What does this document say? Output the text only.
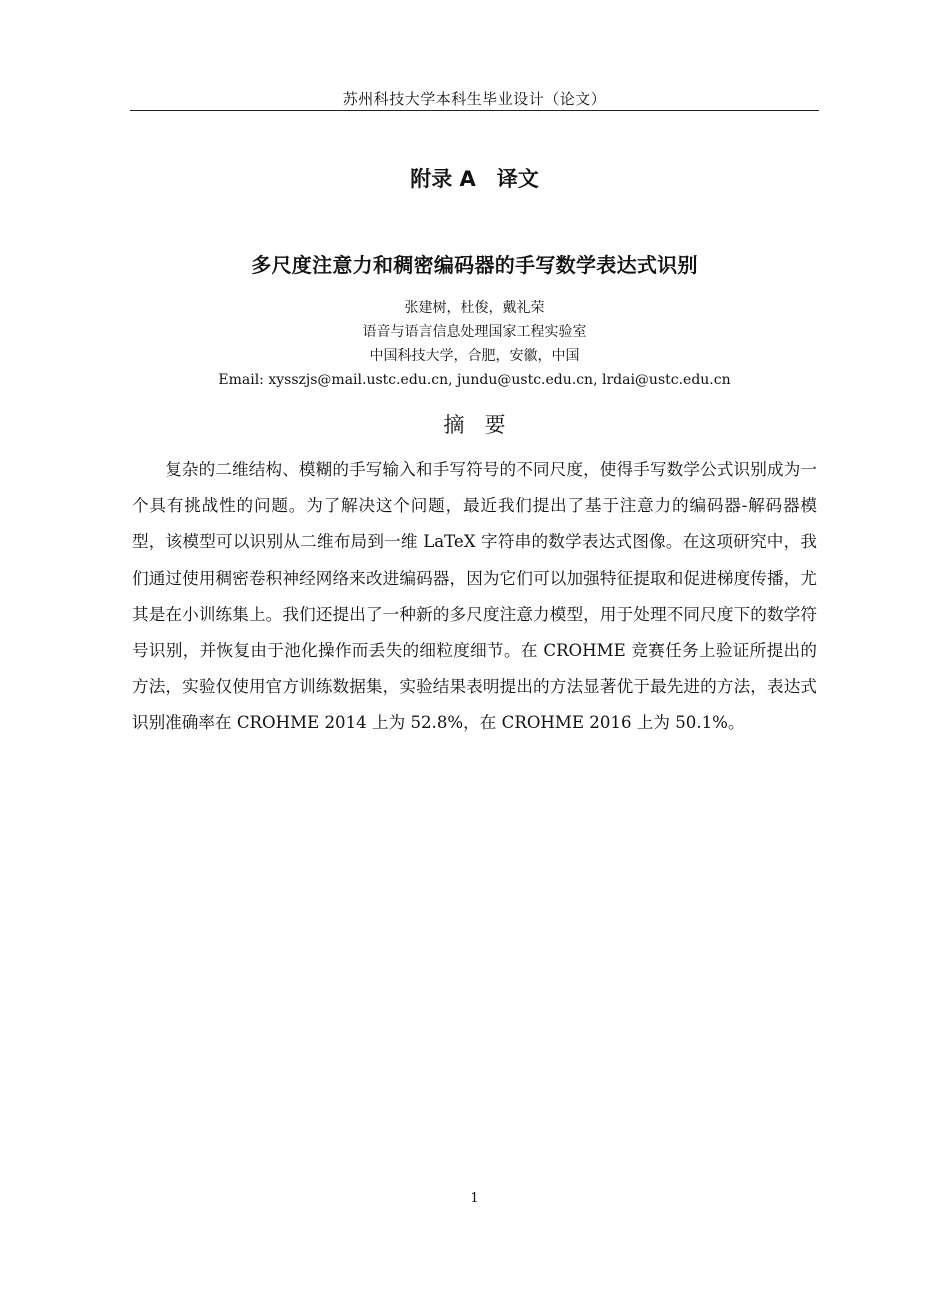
苏州科技大学本科生毕业设计（论文）
附录 A　译文
多尺度注意力和稠密编码器的手写数学表达式识别
张建树，杜俊，戴礼荣
语音与语言信息处理国家工程实验室
中国科技大学，合肥，安徽，中国
Email: xysszjs@mail.ustc.edu.cn, jundu@ustc.edu.cn, lrdai@ustc.edu.cn
摘要
复杂的二维结构、模糊的手写输入和手写符号的不同尺度，使得手写数学公式识别成为一个具有挑战性的问题。为了解决这个问题，最近我们提出了基于注意力的编码器-解码器模型，该模型可以识别从二维布局到一维 LaTeX 字符串的数学表达式图像。在这项研究中，我们通过使用稠密卷积神经网络来改进编码器，因为它们可以加强特征提取和促进梯度传播，尤其是在小训练集上。我们还提出了一种新的多尺度注意力模型，用于处理不同尺度下的数学符号识别，并恢复由于池化操作而丢失的细粒度细节。在 CROHME 竞赛任务上验证所提出的方法，实验仅使用官方训练数据集，实验结果表明提出的方法显著优于最先进的方法，表达式识别准确率在 CROHME 2014 上为 52.8%，在 CROHME 2016 上为 50.1%。
1
